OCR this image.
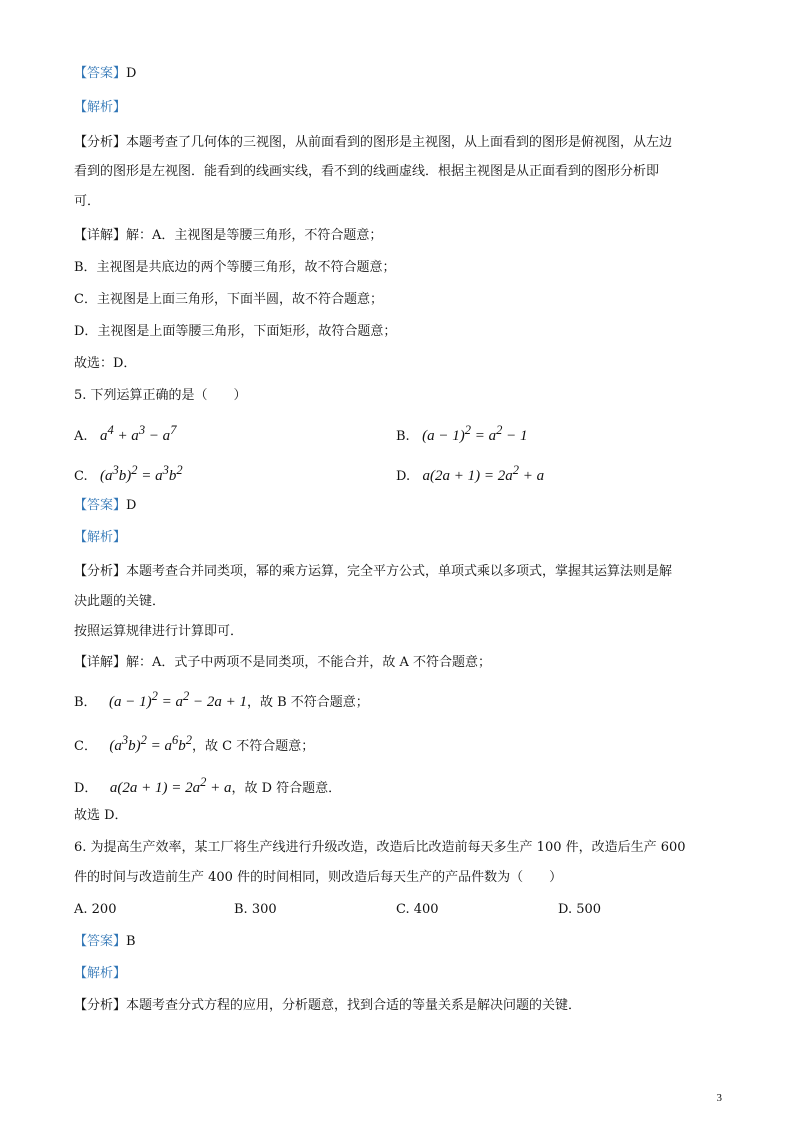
【答案】D
【解析】
【分析】本题考查了几何体的三视图，从前面看到的图形是主视图，从上面看到的图形是俯视图，从左边
看到的图形是左视图．能看到的线画实线，看不到的线画虚线．根据主视图是从正面看到的图形分析即
可．
【详解】解：A．主视图是等腰三角形，不符合题意；
B．主视图是共底边的两个等腰三角形，故不符合题意；
C．主视图是上面三角形，下面半圆，故不符合题意；
D．主视图是上面等腰三角形，下面矩形，故符合题意；
故选：D．
5. 下列运算正确的是（　　）
A. $a^4 + a^3 - a^7$	B. $(a - 1)^2 = a^2 - 1$
C. $(a^3b)^2 = a^3b^2$	D. $a(2a + 1) = 2a^2 + a$
【答案】D
【解析】
【分析】本题考查合并同类项，幂的乘方运算，完全平方公式，单项式乘以多项式，掌握其运算法则是解
决此题的关键．
按照运算规律进行计算即可．
【详解】解：A．式子中两项不是同类项，不能合并，故 A 不符合题意；
B． $(a - 1)^2 = a^2 - 2a + 1$，故 B 不符合题意；
C． $(a^3b)^2 = a^6b^2$，故 C 不符合题意；
D． $a(2a + 1) = 2a^2 + a$，故 D 符合题意．
故选 D．
6. 为提高生产效率，某工厂将生产线进行升级改造，改造后比改造前每天多生产 100 件，改造后生产 600
件的时间与改造前生产 400 件的时间相同，则改造后每天生产的产品件数为（　　）
A. 200	B. 300	C. 400	D. 500
【答案】B
【解析】
【分析】本题考查分式方程的应用，分析题意，找到合适的等量关系是解决问题的关键．
3
